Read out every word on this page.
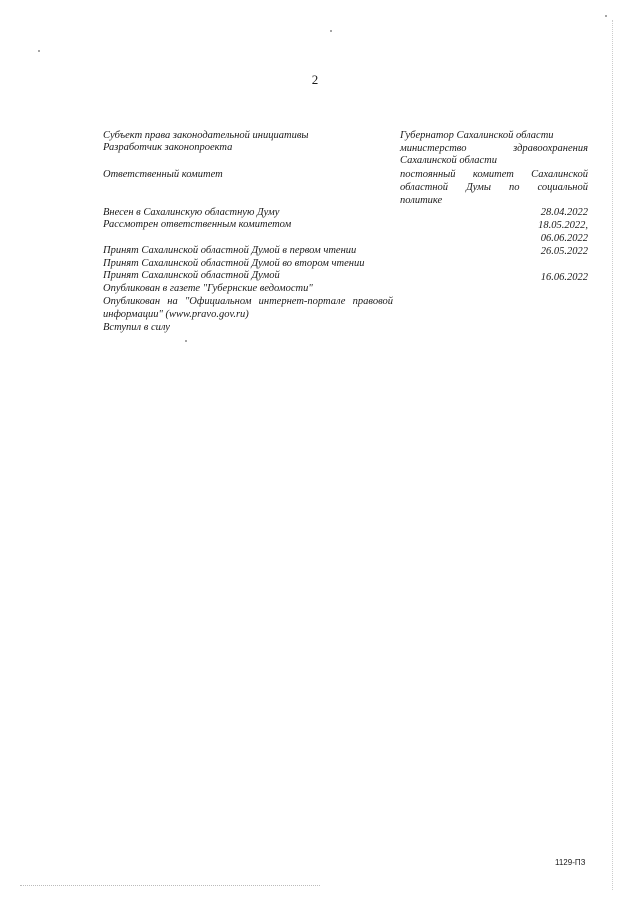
2
Субъект права законодательной инициативы	Губернатор Сахалинской области
Разработчик законопроекта	министерство здравоохранения
Сахалинской области
Ответственный комитет	постоянный комитет Сахалинской
областной Думы по социальной
политике
Внесен в Сахалинскую областную Думу	28.04.2022
Рассмотрен ответственным комитетом	18.05.2022,
06.06.2022
Принят Сахалинской областной Думой в первом чтении	26.05.2022
Принят Сахалинской областной Думой во втором чтении
Принят Сахалинской областной Думой	16.06.2022
Опубликован в газете "Губернские ведомости"
Опубликован на "Официальном интернет-портале правовой
информации" (www.pravo.gov.ru)
Вступил в силу
1129-ПЗ
